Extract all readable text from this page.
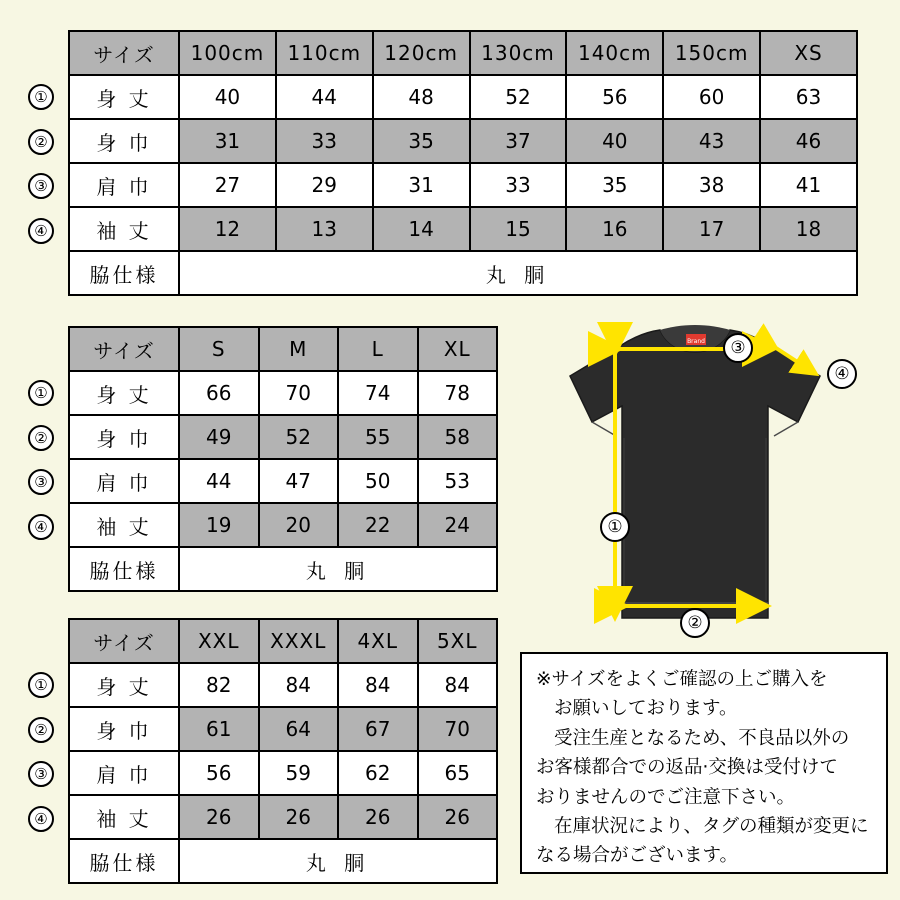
サイズ	100cm	110cm	120cm	130cm	140cm	150cm	XS
身 丈	40	44	48	52	56	60	63
身 巾	31	33	35	37	40	43	46
肩 巾	27	29	31	33	35	38	41
袖 丈	12	13	14	15	16	17	18
脇仕様	丸 胴						
①
②
③
④
サイズ	S	M	L	XL
身 丈	66	70	74	78
身 巾	49	52	55	58
肩 巾	44	47	50	53
袖 丈	19	20	22	24
脇仕様	丸 胴			
①
②
③
④
サイズ	XXL	XXXL	4XL	5XL
身 丈	82	84	84	84
身 巾	61	64	67	70
肩 巾	56	59	62	65
袖 丈	26	26	26	26
脇仕様	丸 胴			
①
②
③
④
Brand	③
④
①
②

※サイズをよくご確認の上ご購入を

お願いしております。

受注生産となるため、不良品以外の

お客様都合での返品·交換は受付けて

おりませんのでご注意下さい。

在庫状況により、タグの種類が変更に

なる場合がございます。
